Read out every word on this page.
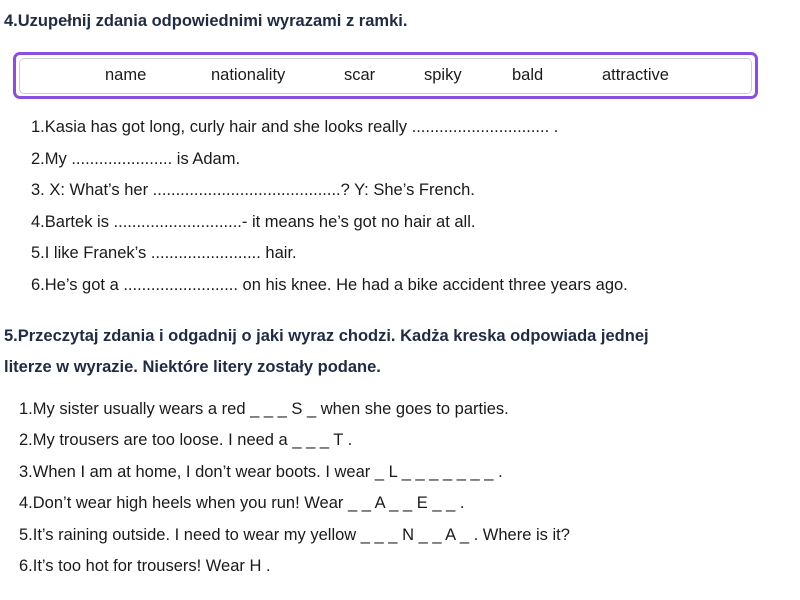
4.Uzupełnij zdania odpowiednimi wyrazami z ramki.
name	nationality	scar	spiky	bald	attractive
1.Kasia has got long, curly hair and she looks really .............................. .
2.My ...................... is Adam.
3. X: What’s her .........................................? Y: She’s French.
4.Bartek is ............................- it means he’s got no hair at all.
5.I like Franek’s ........................ hair.
6.He’s got a ......................... on his knee. He had a bike accident three years ago.
5.Przeczytaj zdania i odgadnij o jaki wyraz chodzi. Kadża kreska odpowiada jednej
literze w wyrazie. Niektóre litery zostały podane.
1.My sister usually wears a red _ _ _ S _ when she goes to parties.
2.My trousers are too loose. I need a _ _ _ T .
3.When I am at home, I don’t wear boots. I wear _ L _ _ _ _ _ _ _ .
4.Don’t wear high heels when you run! Wear _ _ A _ _ E _ _ .
5.It’s raining outside. I need to wear my yellow _ _ _ N _ _ A _ . Where is it?
6.It’s too hot for trousers! Wear H .
